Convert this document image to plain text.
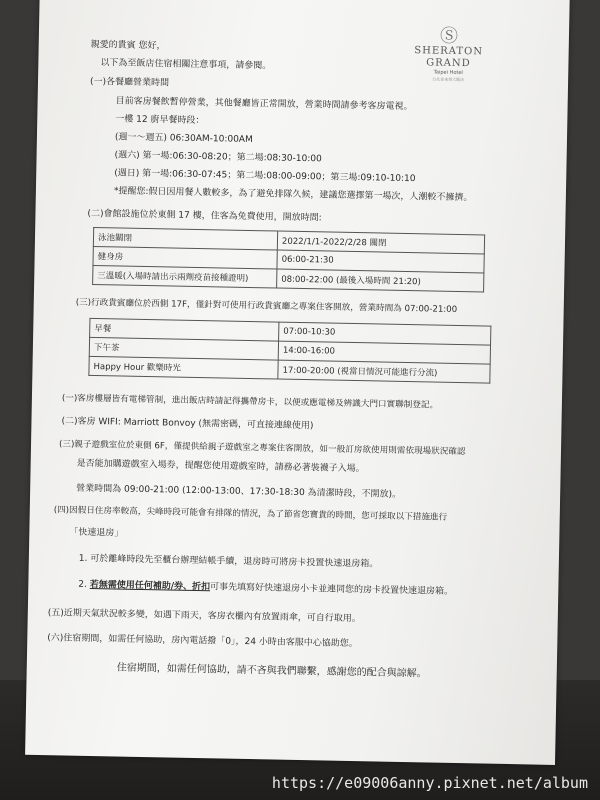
Ⓢ
SHERATON
GRAND
Taipei Hotel
台北喜來登大飯店
親愛的貴賓 您好，
以下為至飯店住宿相關注意事項，請參閱。
(一)各餐廳營業時間
目前客房餐飲暫停營業，其他餐廳皆正常開放，營業時間請參考客房電視。
一樓 12 廚早餐時段：
(週一～週五) 06:30AM-10:00AM
(週六) 第一場:06:30-08:20；第二場:08:30-10:00
(週日) 第一場:06:30-07:45；第二場:08:00-09:00；第三場:09:10-10:10
*提醒您:假日因用餐人數較多，為了避免排隊久候，建議您選擇第一場次，人潮較不擁擠。
(二)會館設施位於東側 17 樓，住客為免費使用，開放時間:
泳池關閉	2022/1/1-2022/2/28 關閉
健身房	06:00-21:30
三溫暖(入場時請出示兩劑疫苗接種證明)	08:00-22:00 (最後入場時間 21:20)
(三)行政貴賓廳位於西側 17F，僅針對可使用行政貴賓廳之專案住客開放，營業時間為 07:00-21:00
早餐	07:00-10:30
下午茶	14:00-16:00
Happy Hour 歡樂時光	17:00-20:00 (視當日情況可能進行分流)
(一)客房樓層皆有電梯管制，進出飯店時請記得攜帶房卡，以便或應電梯及辨識大門口實聯制登記。
(二)客房 WIFI: Marriott Bonvoy (無需密碼，可直接連線使用)
(三)親子遊戲室位於東側 6F，僅提供給親子遊戲室之專案住客開放，如一般訂房欲使用則需依現場狀況確認
是否能加購遊戲室入場券，提醒您使用遊戲室時，請務必著裝襪子入場。
營業時間為 09:00-21:00 (12:00-13:00、17:30-18:30 為清潔時段，不開放)。
(四)因假日住房率較高，尖峰時段可能會有排隊的情況，為了節省您寶貴的時間，您可採取以下措施進行
「快速退房」
1. 可於離峰時段先至櫃台辦理結帳手續，退房時可將房卡投置快速退房箱。
2. 若無需使用任何補助/券、折扣可事先填寫好快速退房小卡並連同您的房卡投置快速退房箱。
(五)近期天氣狀況較多變，如遇下雨天，客房衣櫃內有放置雨傘，可自行取用。
(六)住宿期間，如需任何協助，房內電話撥「0」，24 小時由客服中心協助您。
住宿期間，如需任何協助，請不吝與我們聯繫，感謝您的配合與諒解。
https://e09006anny.pixnet.net/album
